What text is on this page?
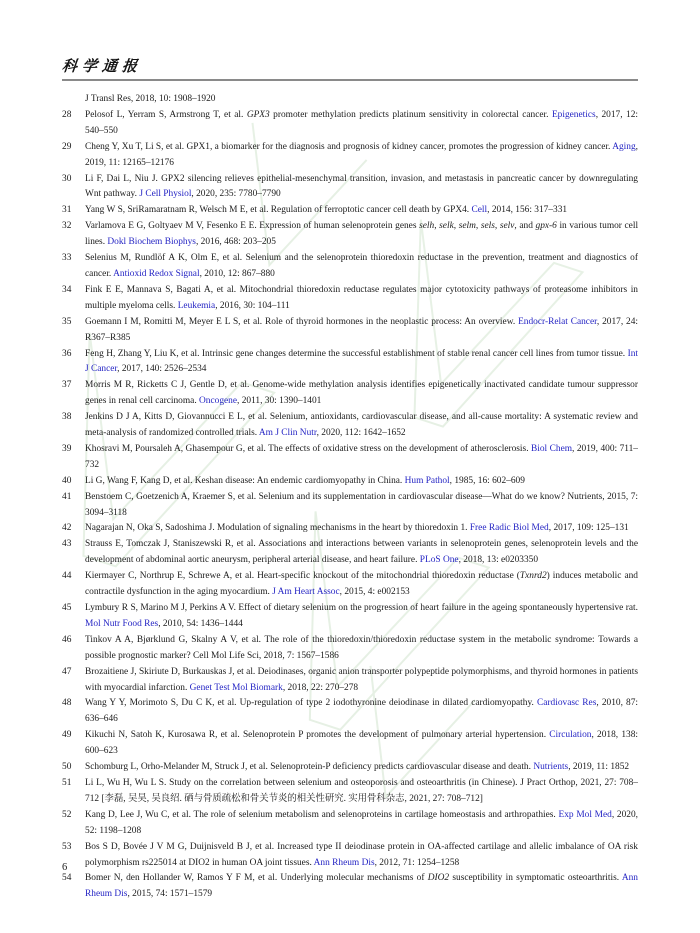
科学通报
J Transl Res, 2018, 10: 1908–1920
28 Pelosof L, Yerram S, Armstrong T, et al. GPX3 promoter methylation predicts platinum sensitivity in colorectal cancer. Epigenetics, 2017, 12: 540–550
29 Cheng Y, Xu T, Li S, et al. GPX1, a biomarker for the diagnosis and prognosis of kidney cancer, promotes the progression of kidney cancer. Aging, 2019, 11: 12165–12176
30 Li F, Dai L, Niu J. GPX2 silencing relieves epithelial-mesenchymal transition, invasion, and metastasis in pancreatic cancer by downregulating Wnt pathway. J Cell Physiol, 2020, 235: 7780–7790
31 Yang W S, SriRamaratnam R, Welsch M E, et al. Regulation of ferroptotic cancer cell death by GPX4. Cell, 2014, 156: 317–331
32 Varlamova E G, Goltyaev M V, Fesenko E E. Expression of human selenoprotein genes selh, selk, selm, sels, selv, and gpx-6 in various tumor cell lines. Dokl Biochem Biophys, 2016, 468: 203–205
33 Selenius M, Rundlöf A K, Olm E, et al. Selenium and the selenoprotein thioredoxin reductase in the prevention, treatment and diagnostics of cancer. Antioxid Redox Signal, 2010, 12: 867–880
34 Fink E E, Mannava S, Bagati A, et al. Mitochondrial thioredoxin reductase regulates major cytotoxicity pathways of proteasome inhibitors in multiple myeloma cells. Leukemia, 2016, 30: 104–111
35 Goemann I M, Romitti M, Meyer E L S, et al. Role of thyroid hormones in the neoplastic process: An overview. Endocr-Relat Cancer, 2017, 24: R367–R385
36 Feng H, Zhang Y, Liu K, et al. Intrinsic gene changes determine the successful establishment of stable renal cancer cell lines from tumor tissue. Int J Cancer, 2017, 140: 2526–2534
37 Morris M R, Ricketts C J, Gentle D, et al. Genome-wide methylation analysis identifies epigenetically inactivated candidate tumour suppressor genes in renal cell carcinoma. Oncogene, 2011, 30: 1390–1401
38 Jenkins D J A, Kitts D, Giovannucci E L, et al. Selenium, antioxidants, cardiovascular disease, and all-cause mortality: A systematic review and meta-analysis of randomized controlled trials. Am J Clin Nutr, 2020, 112: 1642–1652
39 Khosravi M, Poursaleh A, Ghasempour G, et al. The effects of oxidative stress on the development of atherosclerosis. Biol Chem, 2019, 400: 711–732
40 Li G, Wang F, Kang D, et al. Keshan disease: An endemic cardiomyopathy in China. Hum Pathol, 1985, 16: 602–609
41 Benstoem C, Goetzenich A, Kraemer S, et al. Selenium and its supplementation in cardiovascular disease—What do we know? Nutrients, 2015, 7: 3094–3118
42 Nagarajan N, Oka S, Sadoshima J. Modulation of signaling mechanisms in the heart by thioredoxin 1. Free Radic Biol Med, 2017, 109: 125–131
43 Strauss E, Tomczak J, Staniszewski R, et al. Associations and interactions between variants in selenoprotein genes, selenoprotein levels and the development of abdominal aortic aneurysm, peripheral arterial disease, and heart failure. PLoS One, 2018, 13: e0203350
44 Kiermayer C, Northrup E, Schrewe A, et al. Heart-specific knockout of the mitochondrial thioredoxin reductase (Txnrd2) induces metabolic and contractile dysfunction in the aging myocardium. J Am Heart Assoc, 2015, 4: e002153
45 Lymbury R S, Marino M J, Perkins A V. Effect of dietary selenium on the progression of heart failure in the ageing spontaneously hypertensive rat. Mol Nutr Food Res, 2010, 54: 1436–1444
46 Tinkov A A, Bjørklund G, Skalny A V, et al. The role of the thioredoxin/thioredoxin reductase system in the metabolic syndrome: Towards a possible prognostic marker? Cell Mol Life Sci, 2018, 7: 1567–1586
47 Brozaitiene J, Skiriute D, Burkauskas J, et al. Deiodinases, organic anion transporter polypeptide polymorphisms, and thyroid hormones in patients with myocardial infarction. Genet Test Mol Biomark, 2018, 22: 270–278
48 Wang Y Y, Morimoto S, Du C K, et al. Up-regulation of type 2 iodothyronine deiodinase in dilated cardiomyopathy. Cardiovasc Res, 2010, 87: 636–646
49 Kikuchi N, Satoh K, Kurosawa R, et al. Selenoprotein P promotes the development of pulmonary arterial hypertension. Circulation, 2018, 138: 600–623
50 Schomburg L, Orho-Melander M, Struck J, et al. Selenoprotein-P deficiency predicts cardiovascular disease and death. Nutrients, 2019, 11: 1852
51 Li L, Wu H, Wu L S. Study on the correlation between selenium and osteoporosis and osteoarthritis (in Chinese). J Pract Orthop, 2021, 27: 708–712 [李磊, 吴昊, 吴良绍. 硒与骨质疏松和骨关节炎的相关性研究. 实用骨科杂志, 2021, 27: 708–712]
52 Kang D, Lee J, Wu C, et al. The role of selenium metabolism and selenoproteins in cartilage homeostasis and arthropathies. Exp Mol Med, 2020, 52: 1198–1208
53 Bos S D, Bovée J V M G, Duijnisveld B J, et al. Increased type II deiodinase protein in OA-affected cartilage and allelic imbalance of OA risk polymorphism rs225014 at DIO2 in human OA joint tissues. Ann Rheum Dis, 2012, 71: 1254–1258
54 Bomer N, den Hollander W, Ramos Y F M, et al. Underlying molecular mechanisms of DIO2 susceptibility in symptomatic osteoarthritis. Ann Rheum Dis, 2015, 74: 1571–1579
6
